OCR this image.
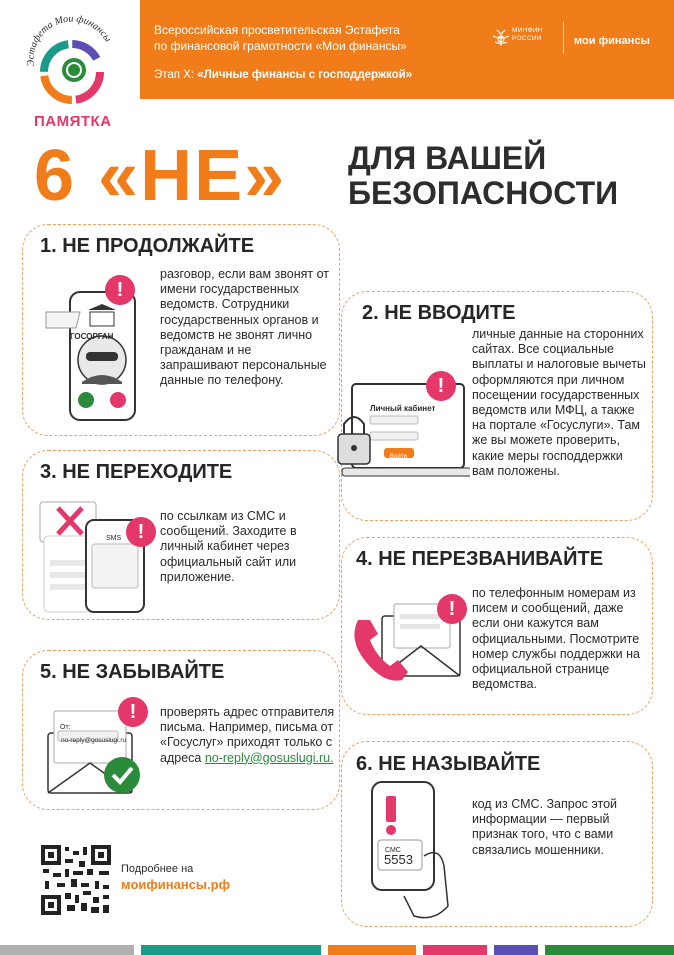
Всероссийская просветительская Эстафета
по финансовой грамотности «Мои финансы»
Этап X: «Личные финансы с господдержкой»
МИНФИН
РОССИИ	мои финансы
Эстафета Мои финансы
ПАМЯТКА
6 «НЕ» ДЛЯ ВАШЕЙ
БЕЗОПАСНОСТИ
1. НЕ ПРОДОЛЖАЙТЕ
разговор, если вам звонят от имени государственных ведомств. Сотрудники государственных органов и ведомств не звонят лично гражданам и не запрашивают персональные данные по телефону.
ГОСОРГАН
!
2. НЕ ВВОДИТЕ
личные данные на сторонних сайтах. Все социальные выплаты и налоговые вычеты оформляются при личном посещении государственных ведомств или МФЦ, а также на портале «Госуслуги». Там же вы можете проверить, какие меры господдержки вам положены.
Личный кабинет
Войти
!
3. НЕ ПЕРЕХОДИТЕ
по ссылкам из СМС и сообщений. Заходите в личный кабинет через официальный сайт или приложение.
SMS !
4. НЕ ПЕРЕЗВАНИВАЙТЕ
по телефонным номерам из писем и сообщений, даже если они кажутся вам официальными. Посмотрите номер службы поддержки на официальной странице ведомства.
!
5. НЕ ЗАБЫВАЙТЕ
проверять адрес отправителя письма. Например, письма от «Госуслуг» приходят только с адреса no-reply@gosuslugi.ru.
От:
no-reply@gosuslugi.ru
!
6. НЕ НАЗЫВАЙТЕ
код из СМС. Запрос этой информации — первый признак того, что с вами связались мошенники.
СМС
5553
Подробнее на
моифинансы.рф
